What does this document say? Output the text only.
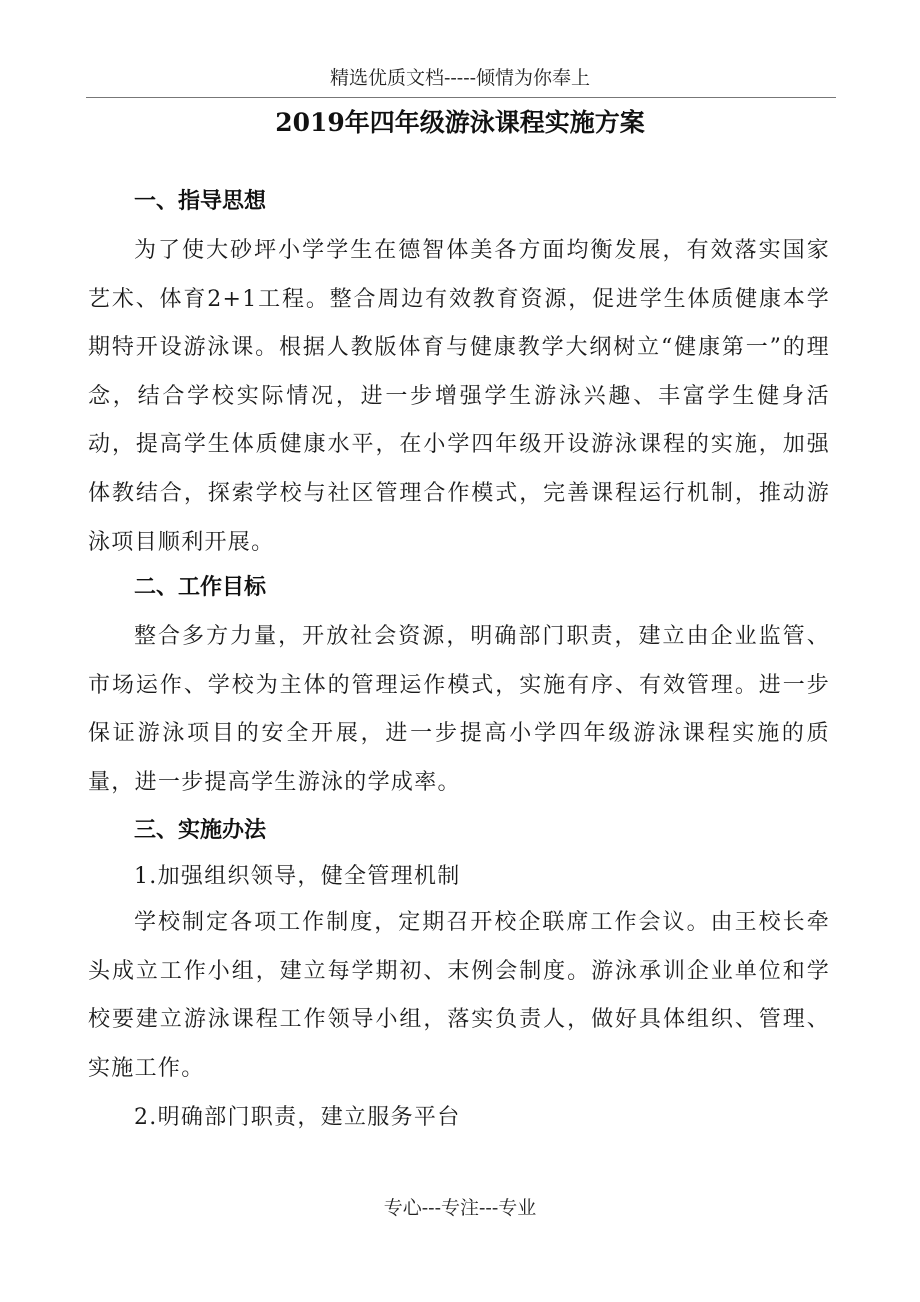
精选优质文档-----倾情为你奉上
2019年四年级游泳课程实施方案
一、指导思想

为了使大砂坪小学学生在德智体美各方面均衡发展，有效落实国家艺术、体育2+1工程。整合周边有效教育资源，促进学生体质健康本学期特开设游泳课。根据人教版体育与健康教学大纲树立“健康第一”的理念，结合学校实际情况，进一步增强学生游泳兴趣、丰富学生健身活动，提高学生体质健康水平，在小学四年级开设游泳课程的实施，加强体教结合，探索学校与社区管理合作模式，完善课程运行机制，推动游泳项目顺利开展。

二、工作目标

整合多方力量，开放社会资源，明确部门职责，建立由企业监管、市场运作、学校为主体的管理运作模式，实施有序、有效管理。进一步保证游泳项目的安全开展，进一步提高小学四年级游泳课程实施的质量，进一步提高学生游泳的学成率。

三、实施办法
1.加强组织领导，健全管理机制

学校制定各项工作制度，定期召开校企联席工作会议。由王校长牵头成立工作小组，建立每学期初、末例会制度。游泳承训企业单位和学校要建立游泳课程工作领导小组，落实负责人，做好具体组织、管理、实施工作。

2.明确部门职责，建立服务平台
专心---专注---专业
